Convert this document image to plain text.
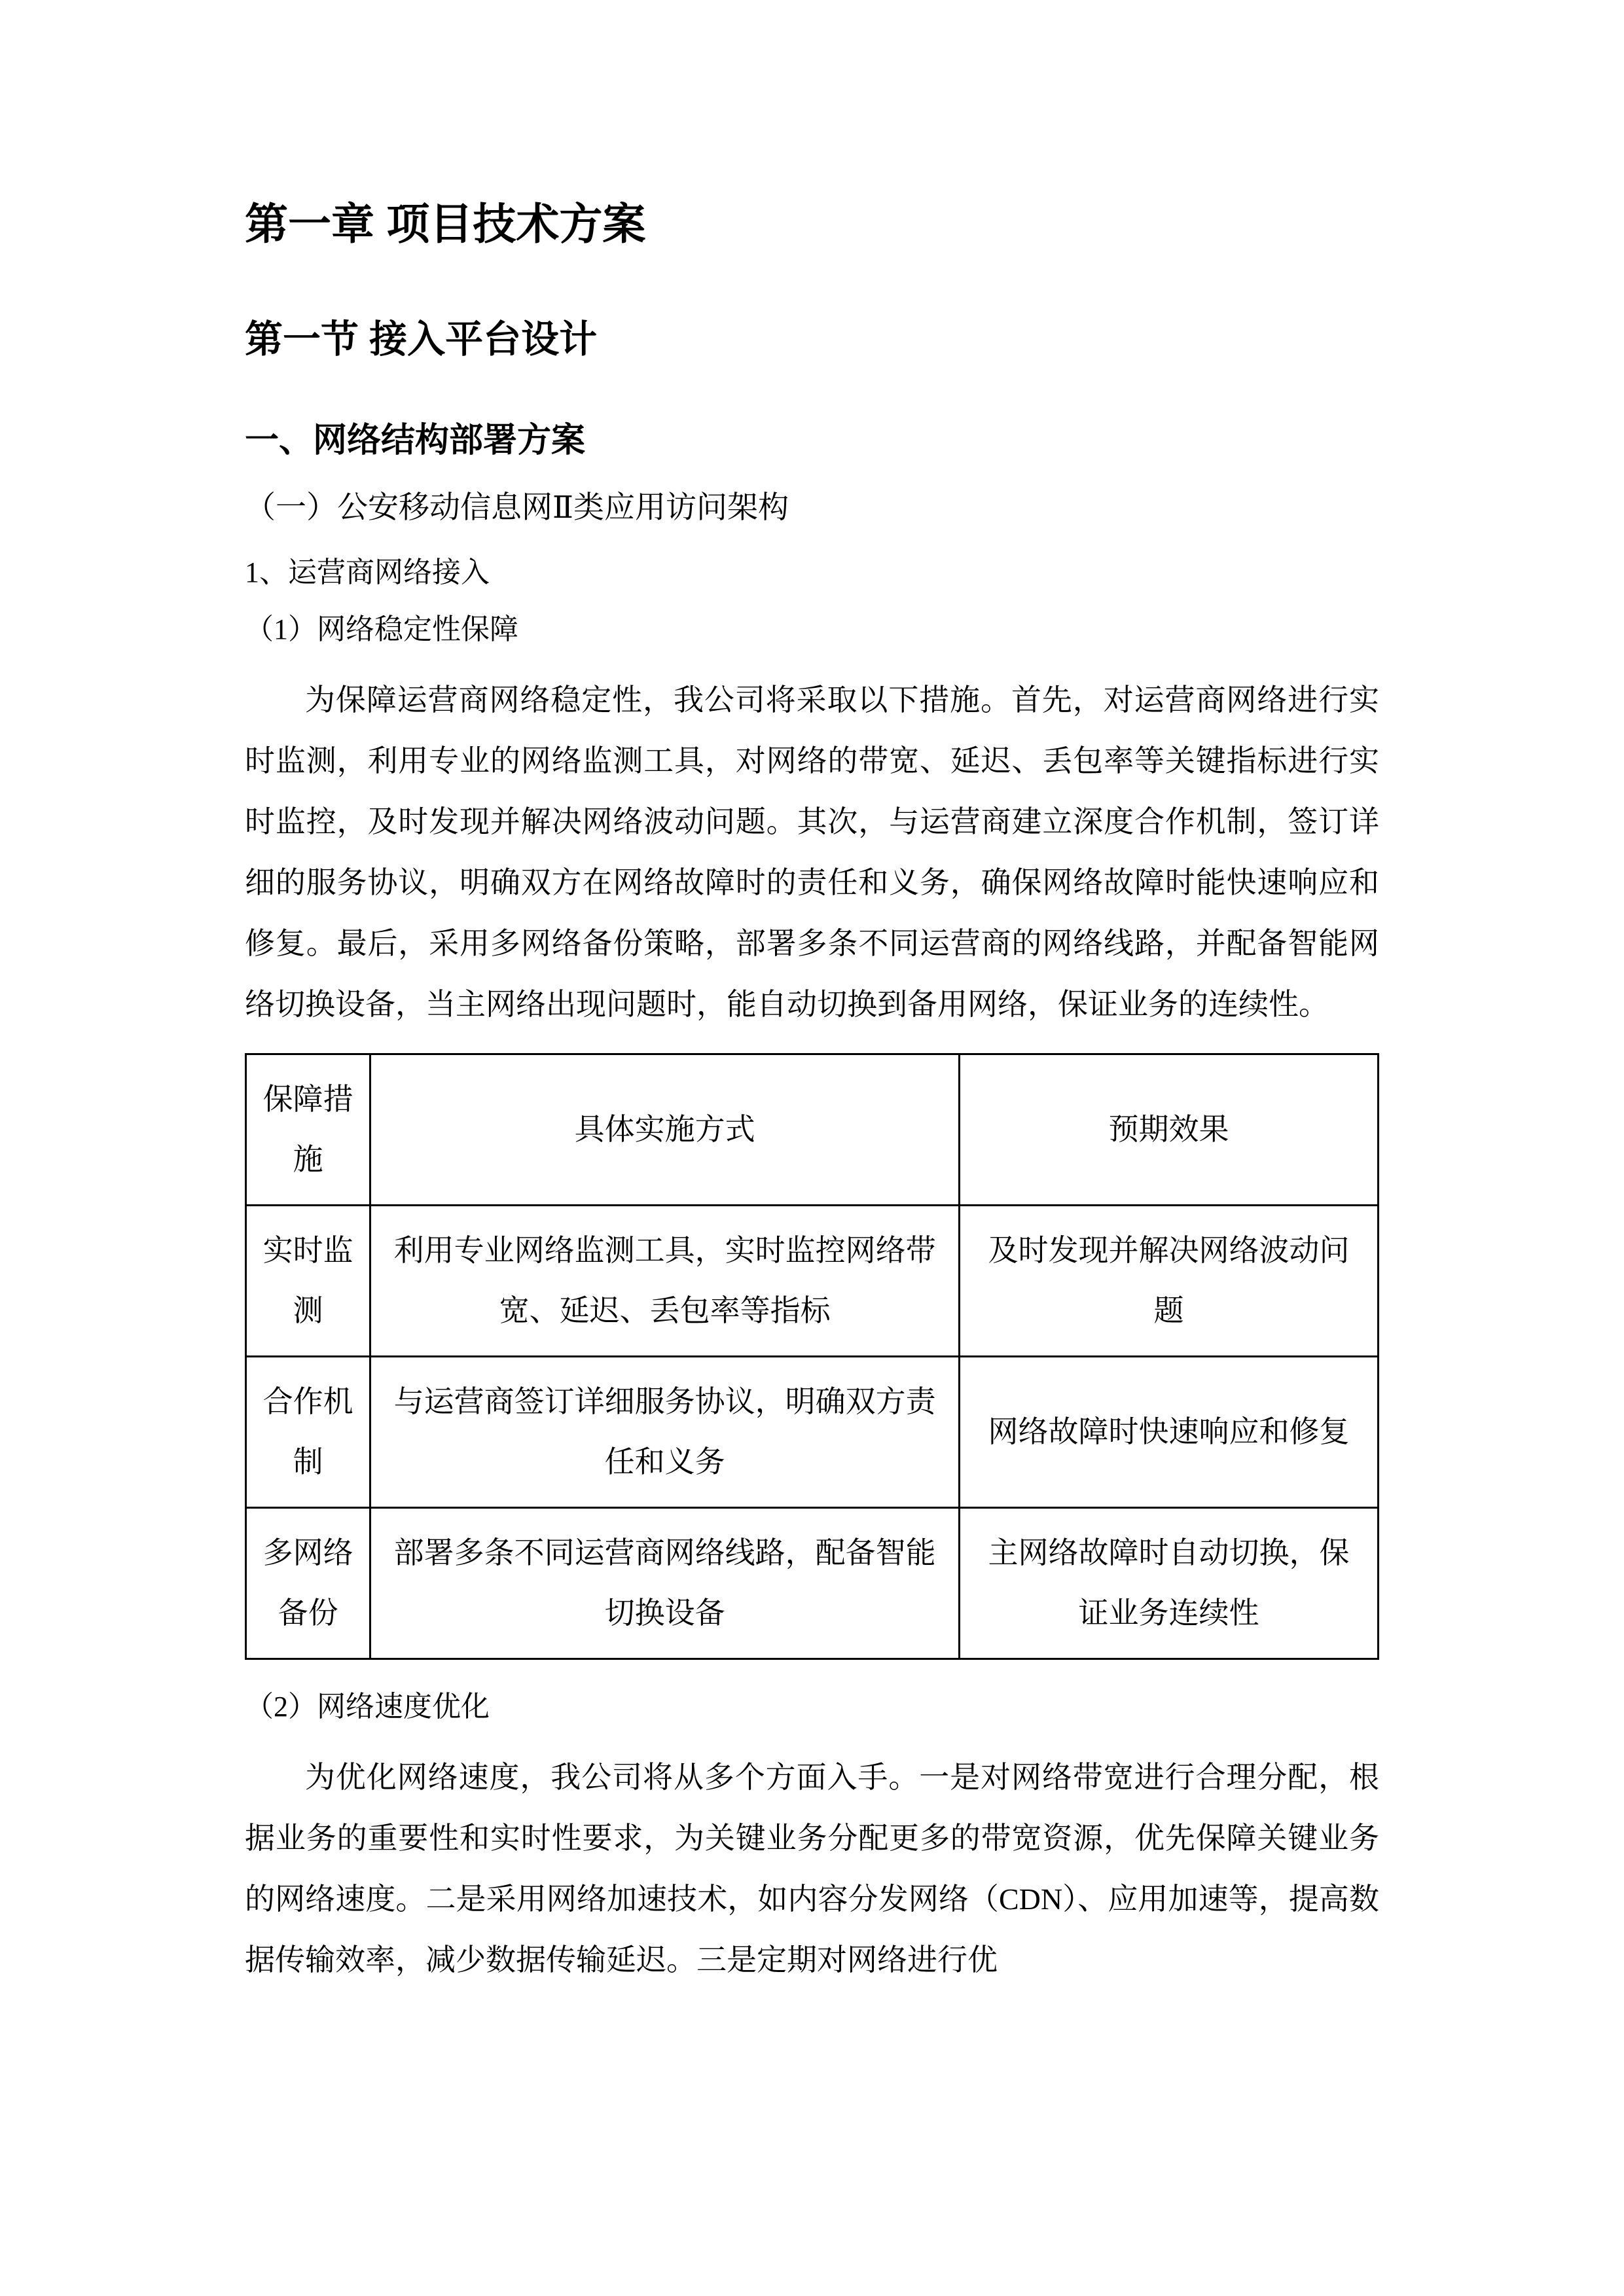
第一章 项目技术方案
第一节 接入平台设计
一、网络结构部署方案
（一）公安移动信息网Ⅱ类应用访问架构

1、运营商网络接入

（1）网络稳定性保障

为保障运营商网络稳定性，我公司将采取以下措施。首先，对运营商网络进行实时监测，利用专业的网络监测工具，对网络的带宽、延迟、丢包率等关键指标进行实时监控，及时发现并解决网络波动问题。其次，与运营商建立深度合作机制，签订详细的服务协议，明确双方在网络故障时的责任和义务，确保网络故障时能快速响应和修复。最后，采用多网络备份策略，部署多条不同运营商的网络线路，并配备智能网络切换设备，当主网络出现问题时，能自动切换到备用网络，保证业务的连续性。

保障措施	具体实施方式	预期效果
实时监测	利用专业网络监测工具，实时监控网络带宽、延迟、丢包率等指标	及时发现并解决网络波动问题
合作机制	与运营商签订详细服务协议，明确双方责任和义务	网络故障时快速响应和修复
多网络备份	部署多条不同运营商网络线路，配备智能切换设备	主网络故障时自动切换，保证业务连续性

（2）网络速度优化

为优化网络速度，我公司将从多个方面入手。一是对网络带宽进行合理分配，根据业务的重要性和实时性要求，为关键业务分配更多的带宽资源，优先保障关键业务的网络速度。二是采用网络加速技术，如内容分发网络（CDN）、应用加速等，提高数据传输效率，减少数据传输延迟。三是定期对网络进行优
